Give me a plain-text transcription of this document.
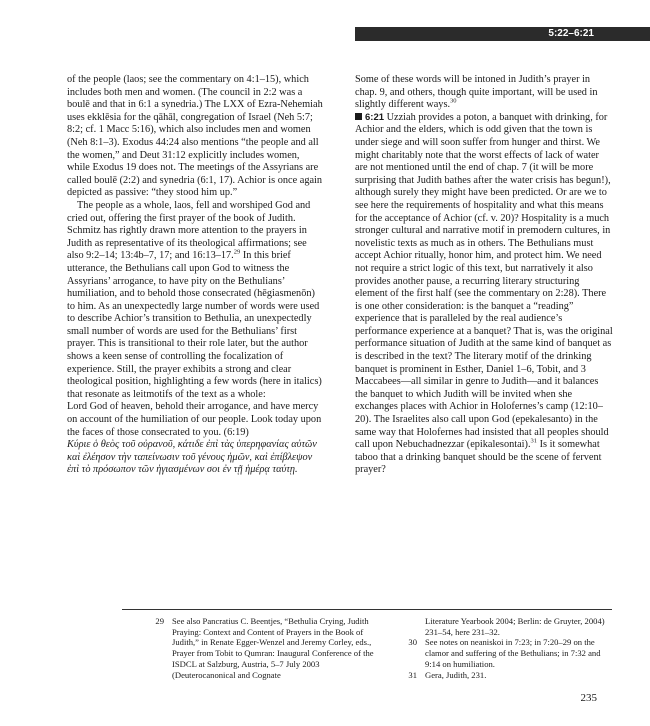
5:22–6:21

of the people (laos; see the commentary on 4:1–15), which includes both men and women. (The council in 2:2 was a boulē and that in 6:1 a synedria.) The LXX of Ezra-Nehemiah uses ekklēsia for the qāhāl, congregation of Israel (Neh 5:7; 8:2; cf. 1 Macc 5:16), which also includes men and women (Neh 8:1–3). Exodus 44:24 also mentions “the people and all the women,” and Deut 31:12 explicitly includes women, while Exodus 19 does not. The meetings of the Assyrians are called boulē (2:2) and synedria (6:1, 17). Achior is once again depicted as passive: “they stood him up.”

The people as a whole, laos, fell and worshiped God and cried out, offering the first prayer of the book of Judith. Schmitz has rightly drawn more attention to the prayers in Judith as representative of its theological affirmations; see also 9:2–14; 13:4b–7, 17; and 16:13–17.29 In this brief utterance, the Bethulians call upon God to witness the Assyrians’ arrogance, to have pity on the Bethulians’ humiliation, and to behold those consecrated (hēgiasmenōn) to him. As an unexpectedly large number of words were used to describe Achior’s transition to Bethulia, an unexpectedly small number of words are used for the Bethulians’ first prayer. This is transitional to their role later, but the author shows a keen sense of controlling the focalization of experience. Still, the prayer exhibits a strong and clear theological position, highlighting a few words (here in italics) that resonate as leitmotifs of the text as a whole:

Lord God of heaven, behold their arrogance, and have mercy on account of the humiliation of our people. Look today upon the faces of those consecrated to you. (6:19)

Κύριε ὁ θεὸς τοῦ οὐρανοῦ, κάτιδε ἐπὶ τὰς ὑπερηφανίας αὐτῶν καὶ ἐλέησον τὴν ταπείνωσιν τοῦ γένους ἡμῶν, καὶ ἐπίβλεψον ἐπὶ τὸ πρόσωπον τῶν ἡγιασμένων σοι ἐν τῇ ἡμέρᾳ ταύτῃ.

Some of these words will be intoned in Judith’s prayer in chap. 9, and others, though quite important, will be used in slightly different ways.$^{30}$

6:21 Uzziah provides a poton, a banquet with drinking, for Achior and the elders, which is odd given that the town is under siege and will soon suffer from hunger and thirst. We might charitably note that the worst effects of lack of water are not mentioned until the end of chap. 7 (it will be more surprising that Judith bathes after the water crisis has begun!), although surely they might have been predicted. Or are we to see here the requirements of hospitality and what this means for the acceptance of Achior (cf. v. 20)? Hospitality is a much stronger cultural and narrative motif in premodern cultures, in novelistic texts as much as in others. The Bethulians must accept Achior ritually, honor him, and protect him. We need not require a strict logic of this text, but narratively it also provides another pause, a recurring literary structuring element of the first half (see the commentary on 2:28). There is one other consideration: is the banquet a “reading” experience that is paralleled by the real audience’s performance experience at a banquet? That is, was the original performance situation of Judith at the same kind of banquet as is described in the text? The literary motif of the drinking banquet is prominent in Esther, Daniel 1–6, Tobit, and 3 Maccabees—all similar in genre to Judith—and it balances the banquet to which Judith will be invited when she exchanges places with Achior in Holofernes’s camp (12:10–20). The Israelites also call upon God (epekalesanto) in the same way that Holofernes had insisted that all peoples should call upon Nebuchadnezzar (epikalesontai).$^{31}$ Is it somewhat taboo that a drinking banquet should be the scene of fervent prayer?

29 See also Pancratius C. Beentjes, “Bethulia Crying, Judith Praying: Context and Content of Prayers in the Book of Judith,” in Renate Egger-Wenzel and Jeremy Corley, eds., Prayer from Tobit to Qumran: Inaugural Conference of the ISDCL at Salzburg, Austria, 5–7 July 2003 (Deuterocanonical and Cognate
Literature Yearbook 2004; Berlin: de Gruyter, 2004) 231–54, here 231–32.
30 See notes on neaniskoi in 7:23; in 7:20–29 on the clamor and suffering of the Bethulians; in 7:32 and 9:14 on humiliation.
31 Gera, Judith, 231.
235
